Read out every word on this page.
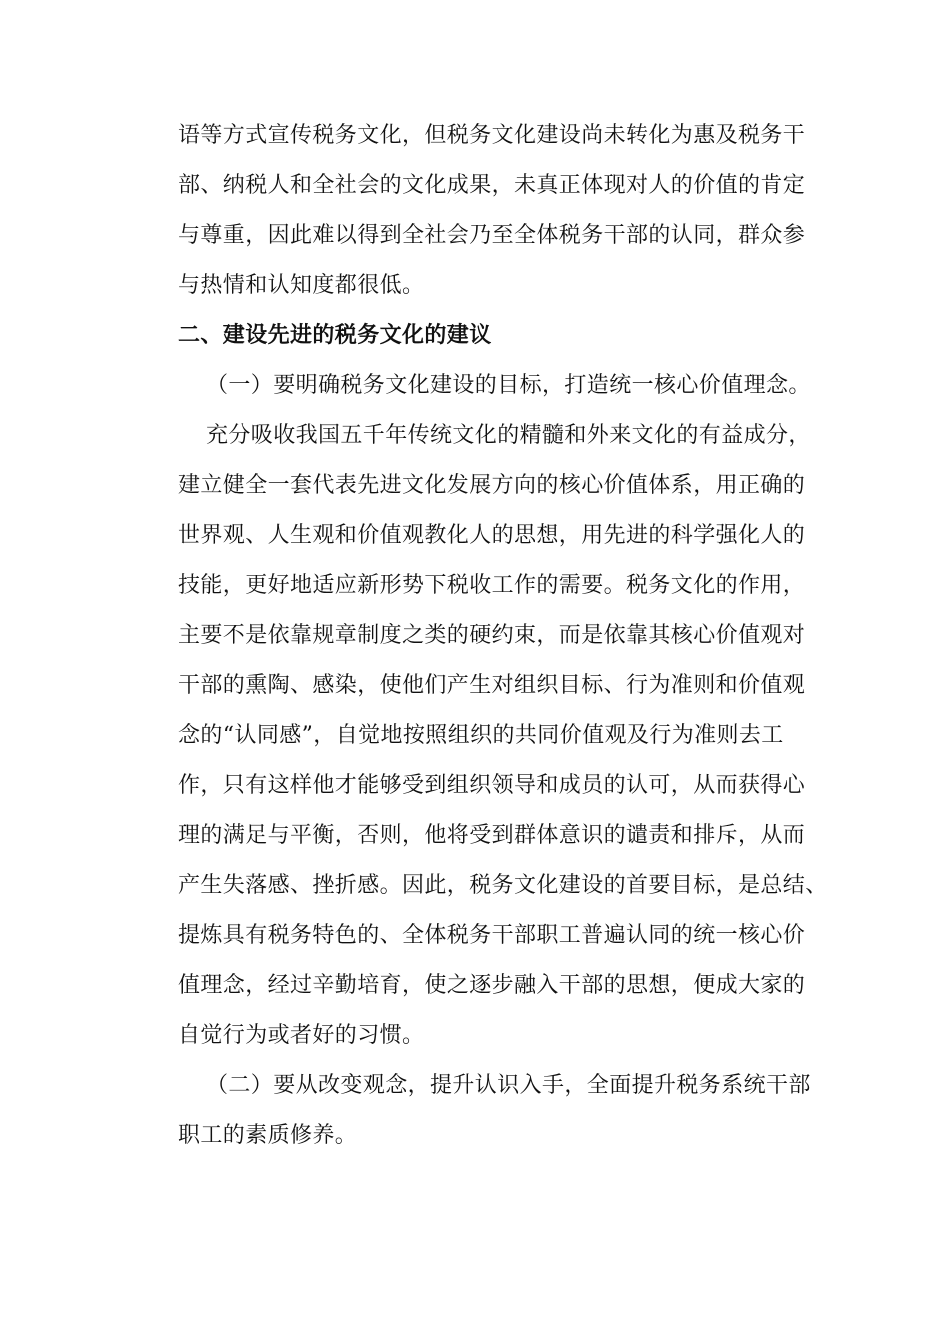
语等方式宣传税务文化，但税务文化建设尚未转化为惠及税务干
部、纳税人和全社会的文化成果，未真正体现对人的价值的肯定
与尊重，因此难以得到全社会乃至全体税务干部的认同，群众参
与热情和认知度都很低。
二、建设先进的税务文化的建议
（一）要明确税务文化建设的目标，打造统一核心价值理念。
充分吸收我国五千年传统文化的精髓和外来文化的有益成分，
建立健全一套代表先进文化发展方向的核心价值体系，用正确的
世界观、人生观和价值观教化人的思想，用先进的科学强化人的
技能，更好地适应新形势下税收工作的需要。税务文化的作用，
主要不是依靠规章制度之类的硬约束，而是依靠其核心价值观对
干部的熏陶、感染，使他们产生对组织目标、行为准则和价值观
念的“认同感”，自觉地按照组织的共同价值观及行为准则去工
作，只有这样他才能够受到组织领导和成员的认可，从而获得心
理的满足与平衡，否则，他将受到群体意识的谴责和排斥，从而
产生失落感、挫折感。因此，税务文化建设的首要目标，是总结、
提炼具有税务特色的、全体税务干部职工普遍认同的统一核心价
值理念，经过辛勤培育，使之逐步融入干部的思想，便成大家的
自觉行为或者好的习惯。
（二）要从改变观念，提升认识入手，全面提升税务系统干部
职工的素质修养。
